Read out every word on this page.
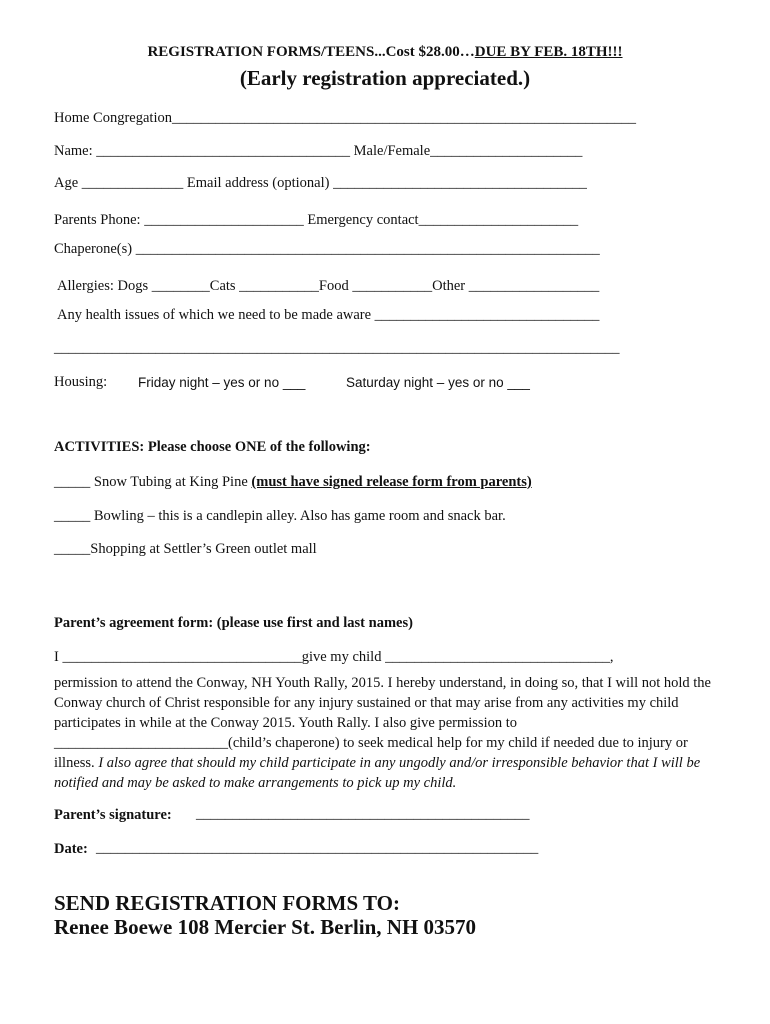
REGISTRATION FORMS/TEENS...Cost $28.00…DUE BY FEB. 18TH!!!
(Early registration appreciated.)
Home Congregation________________________________________________________________
Name: ___________________________________ Male/Female_____________________
Age ______________ Email address (optional) ___________________________________
Parents Phone: ______________________ Emergency contact______________________
Chaperone(s) ________________________________________________________________
Allergies: Dogs ________Cats ___________Food ___________Other __________________
Any health issues of which we need to be made aware _______________________________
______________________________________________________________________________
Housing: Friday night – yes or no ___	Saturday night – yes or no ___
ACTIVITIES: Please choose ONE of the following:
_____ Snow Tubing at King Pine (must have signed release form from parents)
_____ Bowling – this is a candlepin alley. Also has game room and snack bar.
_____Shopping at Settler’s Green outlet mall
Parent’s agreement form: (please use first and last names)
I _________________________________give my child _______________________________,
permission to attend the Conway, NH Youth Rally, 2015. I hereby understand, in doing so, that I will not hold the Conway church of Christ responsible for any injury sustained or that may arise from any activities my child participates in while at the Conway 2015. Youth Rally. I also give permission to ________________________(child’s chaperone) to seek medical help for my child if needed due to injury or illness. I also agree that should my child participate in any ungodly and/or irresponsible behavior that I will be notified and may be asked to make arrangements to pick up my child.
Parent’s signature: ______________________________________________
Date: _____________________________________________________________
SEND REGISTRATION FORMS TO:
Renee Boewe 108 Mercier St. Berlin, NH 03570
